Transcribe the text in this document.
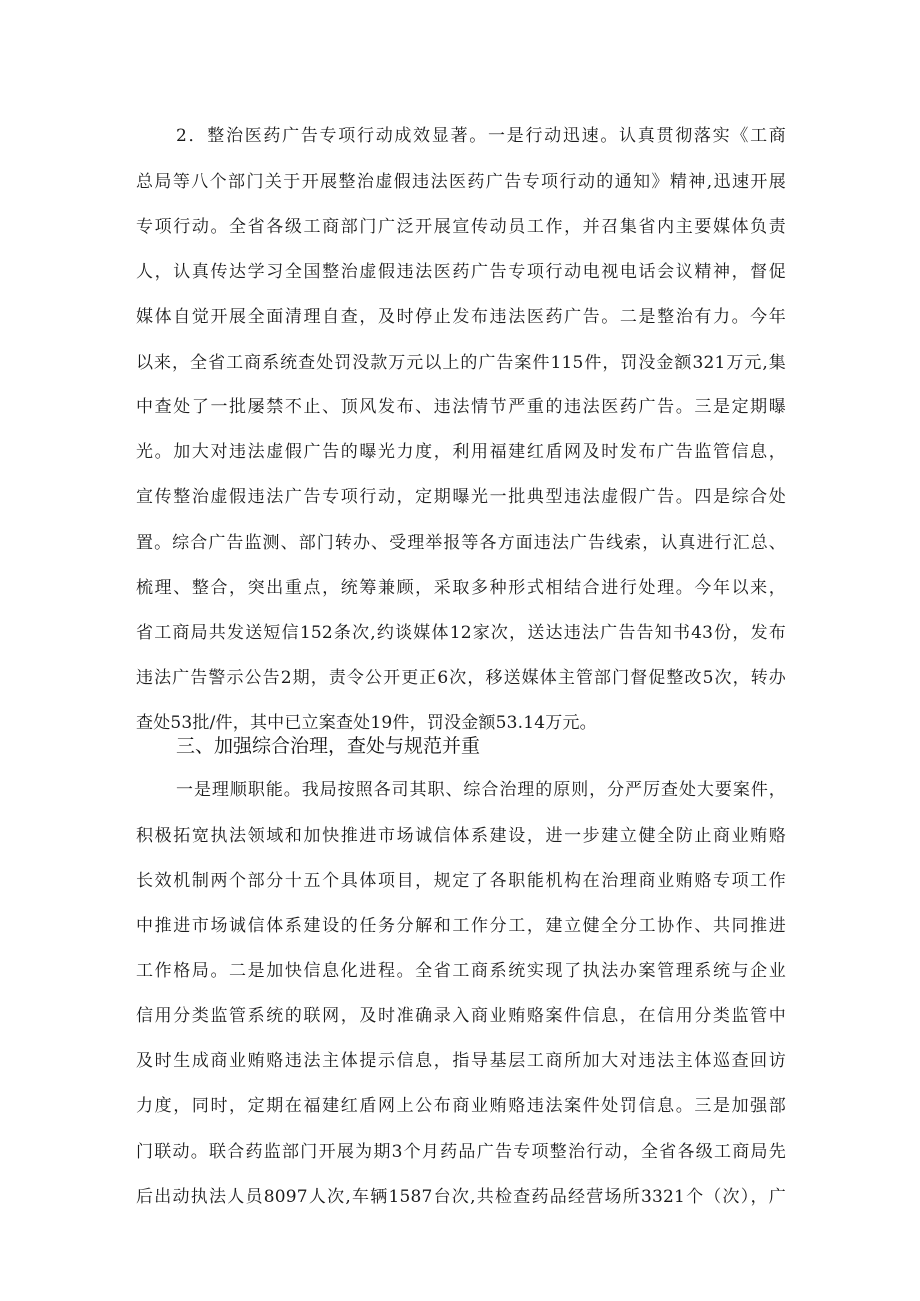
2．整治医药广告专项行动成效显著。一是行动迅速。认真贯彻落实《工商
总局等八个部门关于开展整治虚假违法医药广告专项行动的通知》精神,迅速开展
专项行动。全省各级工商部门广泛开展宣传动员工作，并召集省内主要媒体负责
人，认真传达学习全国整治虚假违法医药广告专项行动电视电话会议精神，督促
媒体自觉开展全面清理自查，及时停止发布违法医药广告。二是整治有力。今年
以来，全省工商系统查处罚没款万元以上的广告案件115件，罚没金额321万元,集
中查处了一批屡禁不止、顶风发布、违法情节严重的违法医药广告。三是定期曝
光。加大对违法虚假广告的曝光力度，利用福建红盾网及时发布广告监管信息，
宣传整治虚假违法广告专项行动，定期曝光一批典型违法虚假广告。四是综合处
置。综合广告监测、部门转办、受理举报等各方面违法广告线索，认真进行汇总、
梳理、整合，突出重点，统筹兼顾，采取多种形式相结合进行处理。今年以来，
省工商局共发送短信152条次,约谈媒体12家次，送达违法广告告知书43份，发布
违法广告警示公告2期，责令公开更正6次，移送媒体主管部门督促整改5次，转办
查处53批/件，其中已立案查处19件，罚没金额53.14万元。
三、加强综合治理，查处与规范并重
一是理顺职能。我局按照各司其职、综合治理的原则，分严厉查处大要案件，
积极拓宽执法领域和加快推进市场诚信体系建设，进一步建立健全防止商业贿赂
长效机制两个部分十五个具体项目，规定了各职能机构在治理商业贿赂专项工作
中推进市场诚信体系建设的任务分解和工作分工，建立健全分工协作、共同推进
工作格局。二是加快信息化进程。全省工商系统实现了执法办案管理系统与企业
信用分类监管系统的联网，及时准确录入商业贿赂案件信息，在信用分类监管中
及时生成商业贿赂违法主体提示信息，指导基层工商所加大对违法主体巡查回访
力度，同时，定期在福建红盾网上公布商业贿赂违法案件处罚信息。三是加强部
门联动。联合药监部门开展为期3个月药品广告专项整治行动，全省各级工商局先
后出动执法人员8097人次,车辆1587台次,共检查药品经营场所3321个（次），广
